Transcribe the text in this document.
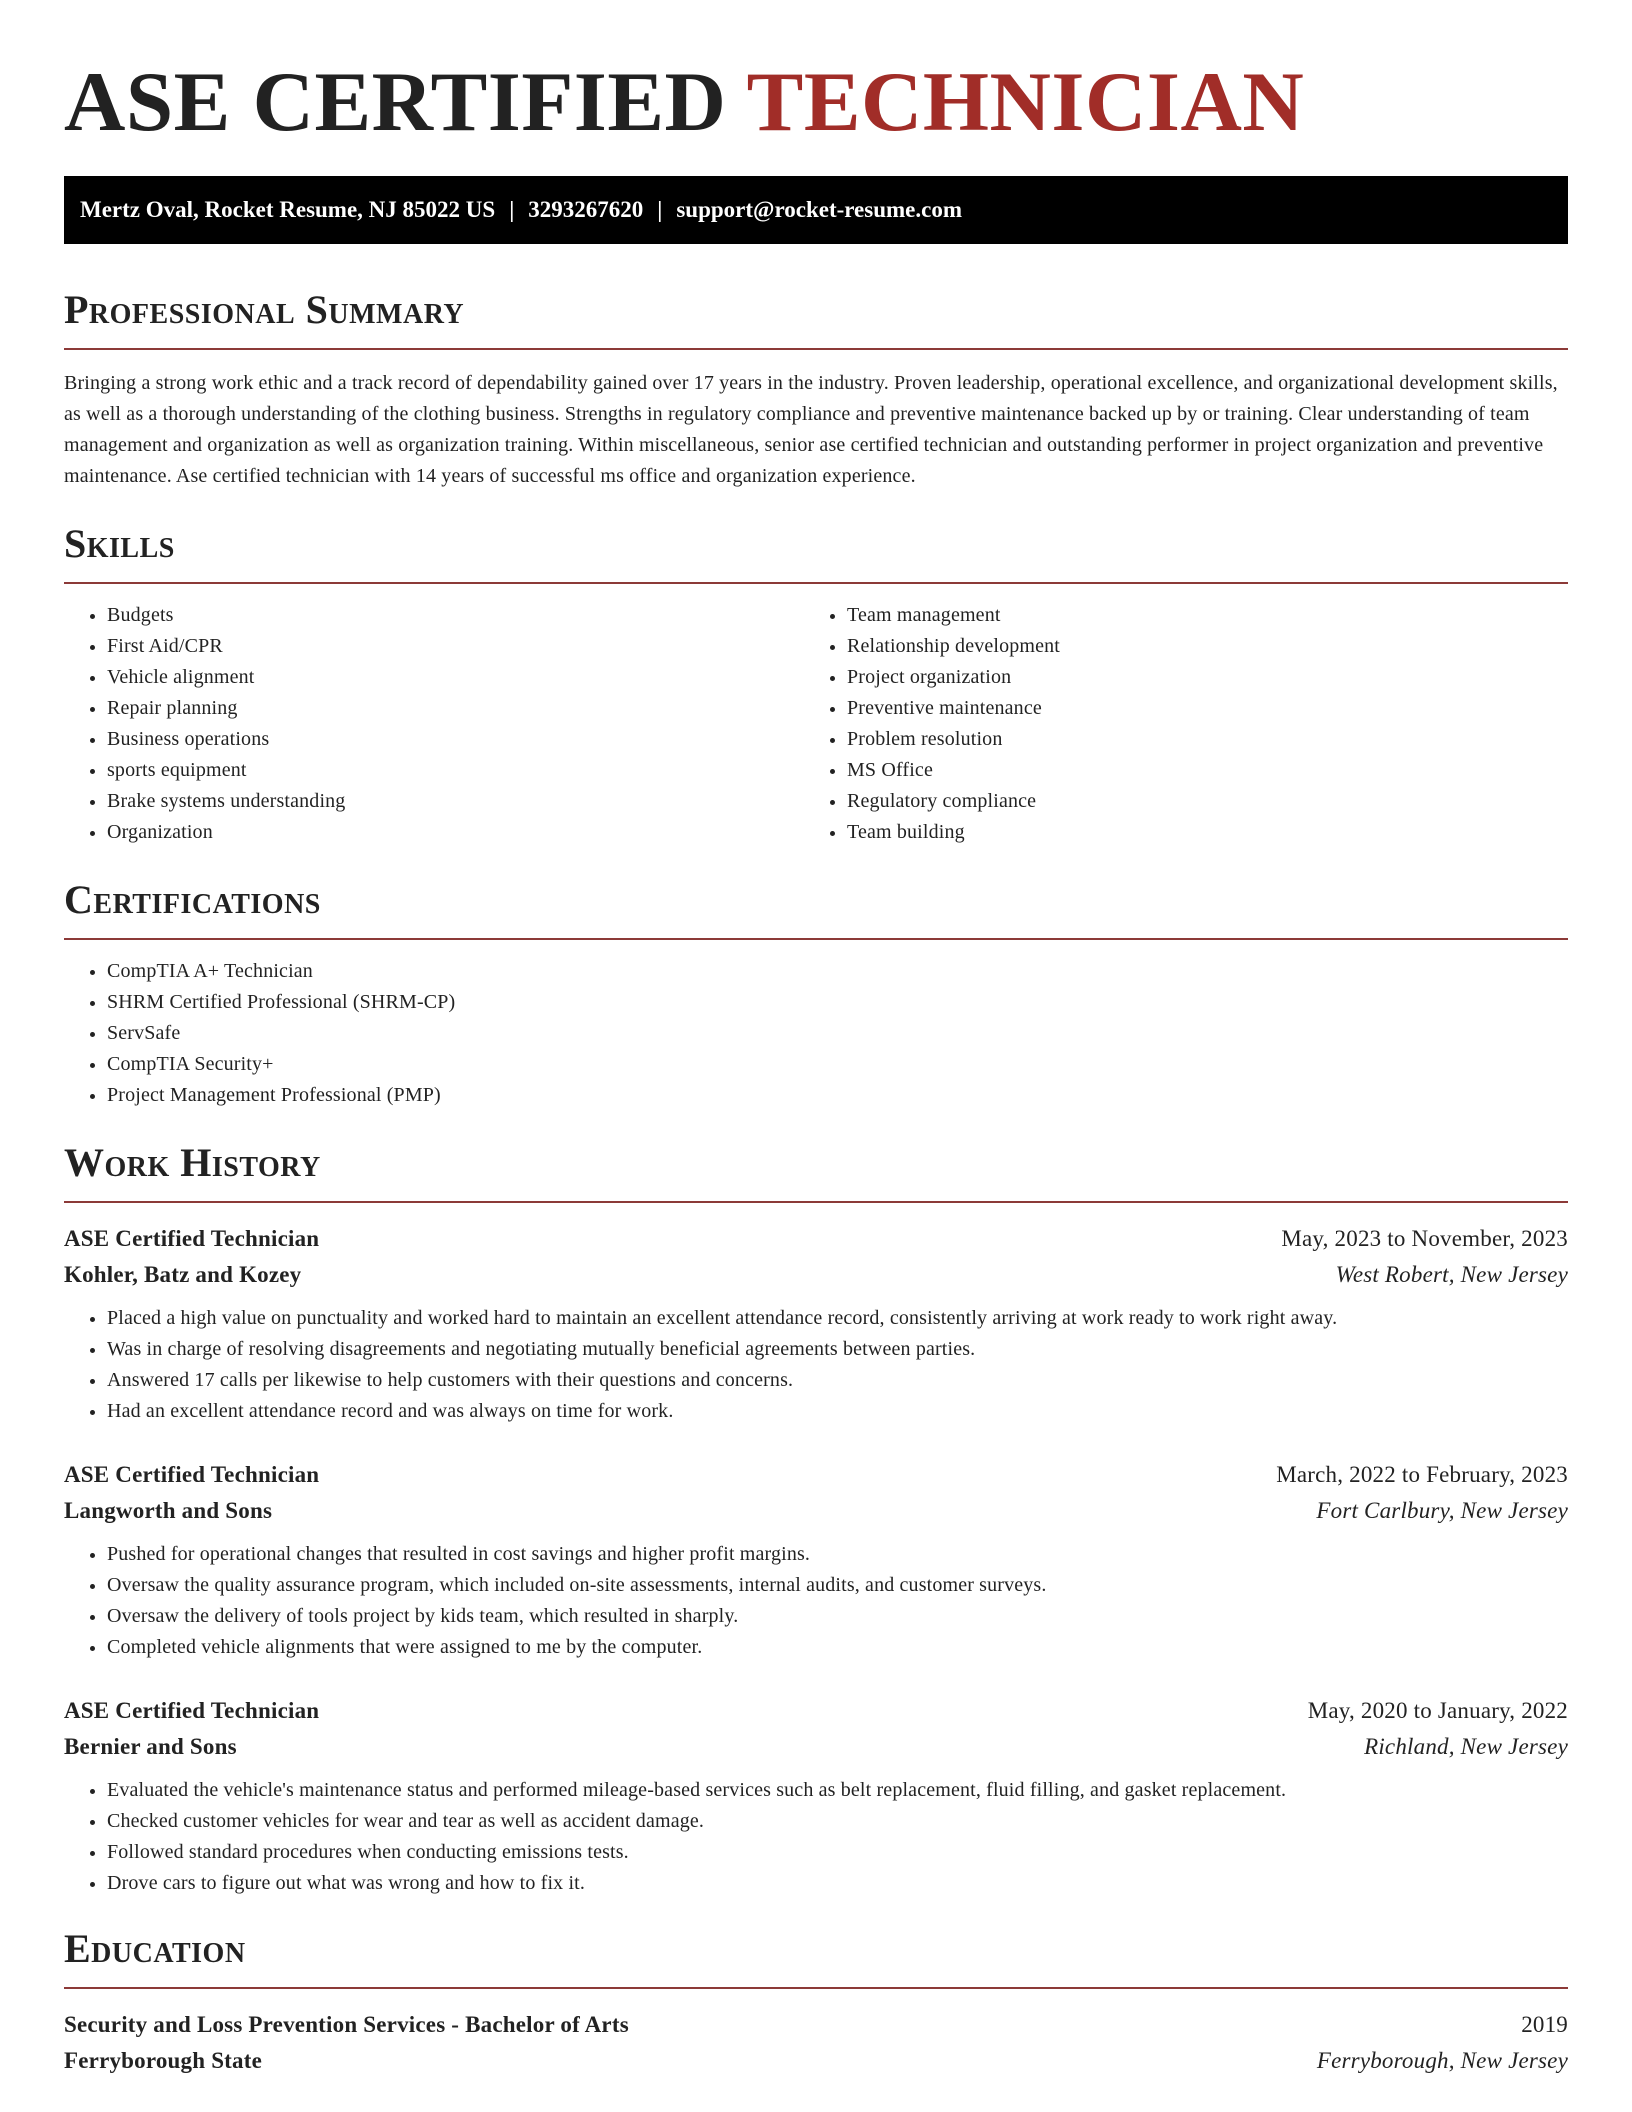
ASE CERTIFIED TECHNICIAN
Mertz Oval, Rocket Resume, NJ 85022 US | 3293267620 | support@rocket-resume.com
Professional Summary

Bringing a strong work ethic and a track record of dependability gained over 17 years in the industry. Proven leadership, operational excellence, and organizational development skills, as well as a thorough understanding of the clothing business. Strengths in regulatory compliance and preventive maintenance backed up by or training. Clear understanding of team management and organization as well as organization training. Within miscellaneous, senior ase certified technician and outstanding performer in project organization and preventive maintenance. Ase certified technician with 14 years of successful ms office and organization experience.

Skills
• Budgets
• First Aid/CPR
• Vehicle alignment
• Repair planning
• Business operations
• sports equipment
• Brake systems understanding
• Organization
• Team management
• Relationship development
• Project organization
• Preventive maintenance
• Problem resolution
• MS Office
• Regulatory compliance
• Team building
Certifications
• CompTIA A+ Technician
• SHRM Certified Professional (SHRM-CP)
• ServSafe
• CompTIA Security+
• Project Management Professional (PMP)
Work History
ASE Certified Technician	May, 2023 to November, 2023
Kohler, Batz and Kozey	West Robert, New Jersey
• Placed a high value on punctuality and worked hard to maintain an excellent attendance record, consistently arriving at work ready to work right away.
• Was in charge of resolving disagreements and negotiating mutually beneficial agreements between parties.
• Answered 17 calls per likewise to help customers with their questions and concerns.
• Had an excellent attendance record and was always on time for work.
ASE Certified Technician	March, 2022 to February, 2023
Langworth and Sons	Fort Carlbury, New Jersey
• Pushed for operational changes that resulted in cost savings and higher profit margins.
• Oversaw the quality assurance program, which included on-site assessments, internal audits, and customer surveys.
• Oversaw the delivery of tools project by kids team, which resulted in sharply.
• Completed vehicle alignments that were assigned to me by the computer.
ASE Certified Technician	May, 2020 to January, 2022
Bernier and Sons	Richland, New Jersey
• Evaluated the vehicle's maintenance status and performed mileage-based services such as belt replacement, fluid filling, and gasket replacement.
• Checked customer vehicles for wear and tear as well as accident damage.
• Followed standard procedures when conducting emissions tests.
• Drove cars to figure out what was wrong and how to fix it.
Education
Security and Loss Prevention Services - Bachelor of Arts	2019
Ferryborough State	Ferryborough, New Jersey
